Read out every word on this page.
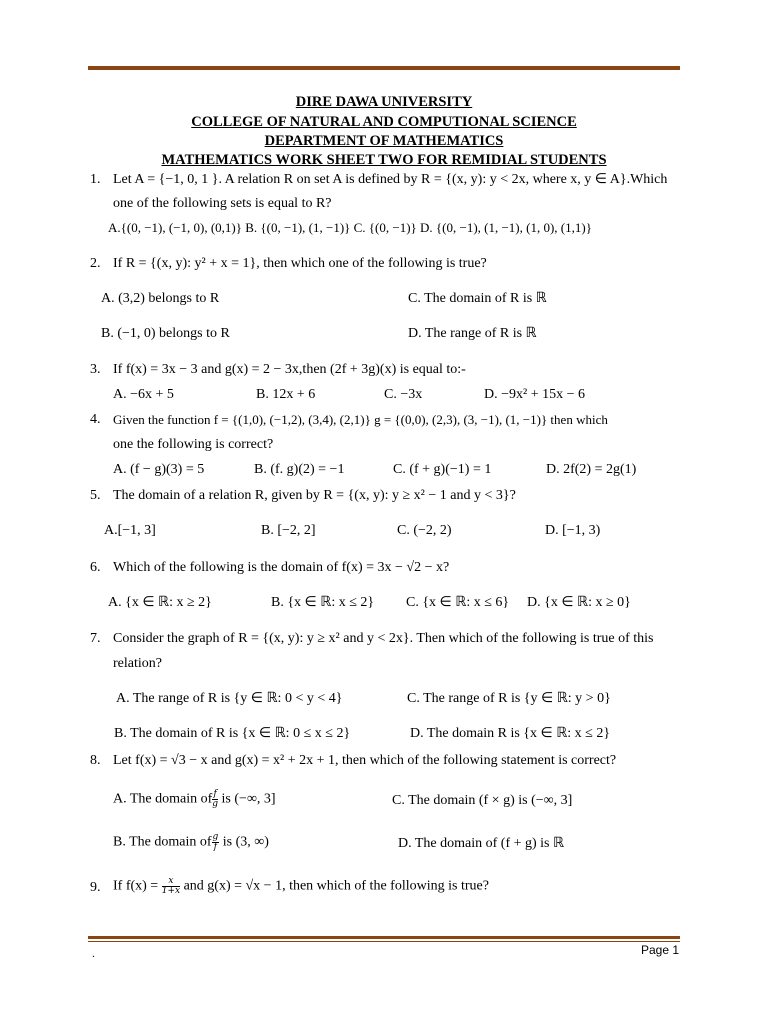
DIRE DAWA UNIVERSITY
COLLEGE OF NATURAL AND COMPUTIONAL SCIENCE
DEPARTMENT OF MATHEMATICS
MATHEMATICS WORK SHEET TWO FOR REMIDIAL STUDENTS
1. Let A = {−1, 0, 1 }. A relation R on set A is defined by R = {(x, y): y < 2x, where x, y ∈ A}.Which
one of the following sets is equal to R?
A.{(0, −1), (−1, 0), (0,1)} B. {(0, −1), (1, −1)} C. {(0, −1)} D. {(0, −1), (1, −1), (1, 0), (1,1)}
2. If R = {(x, y): y² + x = 1}, then which one of the following is true?
A. (3,2) belongs to R	C. The domain of R is ℝ
B. (−1, 0) belongs to R	D. The range of R is ℝ
3. If f(x) = 3x − 3 and g(x) = 2 − 3x,then (2f + 3g)(x) is equal to:-
A. −6x + 5	B. 12x + 6	C. −3x	D. −9x² + 15x − 6
4. Given the function f = {(1,0), (−1,2), (3,4), (2,1)} g = {(0,0), (2,3), (3, −1), (1, −1)} then which
one the following is correct?
A. (f − g)(3) = 5	B. (f. g)(2) = −1	C. (f + g)(−1) = 1	D. 2f(2) = 2g(1)
5. The domain of a relation R, given by R = {(x, y): y ≥ x² − 1 and y < 3}?
A.[−1, 3]	B. [−2, 2]	C. (−2, 2)	D. [−1, 3)
6. Which of the following is the domain of f(x) = 3x − √2 − x?
A. {x ∈ ℝ: x ≥ 2}	B. {x ∈ ℝ: x ≤ 2} C. {x ∈ ℝ: x ≤ 6} D. {x ∈ ℝ: x ≥ 0}
7. Consider the graph of R = {(x, y): y ≥ x² and y < 2x}. Then which of the following is true of this
relation?
A. The range of R is {y ∈ ℝ: 0 < y < 4}	C. The range of R is {y ∈ ℝ: y > 0}
B. The domain of R is {x ∈ ℝ: 0 ≤ x ≤ 2}	D. The domain R is {x ∈ ℝ: x ≤ 2}
8. Let f(x) = √3 − x and g(x) = x² + 2x + 1, then which of the following statement is correct?
A. The domain of $\frac{f}{g}$ is (−∞, 3]	C. The domain (f × g) is (−∞, 3]
B. The domain of $\frac{g}{f}$ is (3, ∞)	D. The domain of (f + g) is ℝ
9. If $f(x) = \frac{x}{1+x}$ and g(x) = √x − 1, then which of the following is true?
.	Page 1
